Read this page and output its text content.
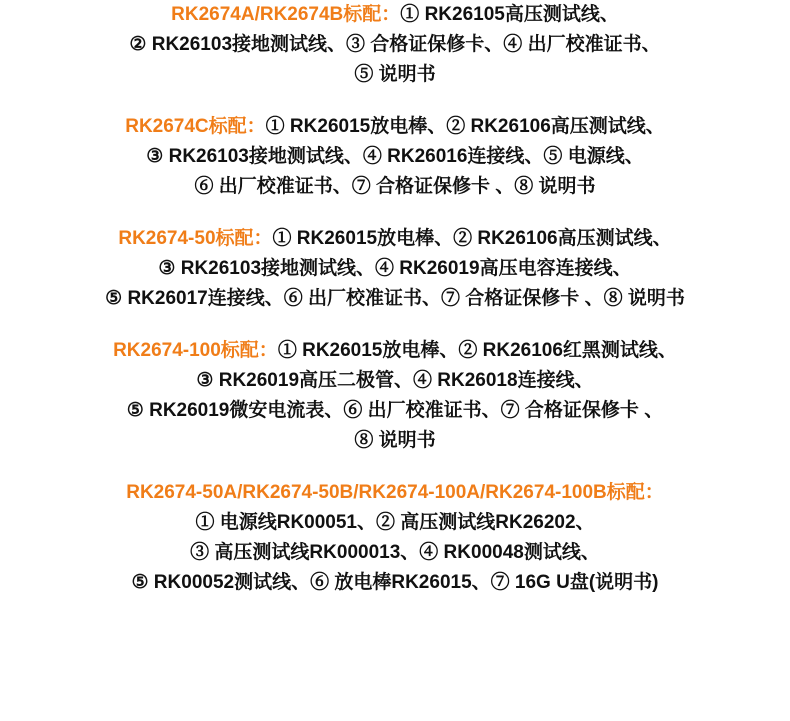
RK2674A/RK2674B标配：① RK26105高压测试线、
② RK26103接地测试线、③ 合格证保修卡、④ 出厂校准证书、
⑤ 说明书
RK2674C标配：① RK26015放电棒、② RK26106高压测试线、
③ RK26103接地测试线、④ RK26016连接线、⑤ 电源线、
⑥ 出厂校准证书、⑦ 合格证保修卡 、⑧ 说明书
RK2674-50标配：① RK26015放电棒、② RK26106高压测试线、
③ RK26103接地测试线、④ RK26019高压电容连接线、
⑤ RK26017连接线、⑥ 出厂校准证书、⑦ 合格证保修卡 、⑧ 说明书
RK2674-100标配：① RK26015放电棒、② RK26106红黑测试线、
③ RK26019高压二极管、④ RK26018连接线、
⑤ RK26019微安电流表、⑥ 出厂校准证书、⑦ 合格证保修卡 、
⑧ 说明书
RK2674-50A/RK2674-50B/RK2674-100A/RK2674-100B标配：
① 电源线RK00051、② 高压测试线RK26202、
③ 高压测试线RK000013、④ RK00048测试线、
⑤ RK00052测试线、⑥ 放电棒RK26015、⑦ 16G U盘(说明书)
